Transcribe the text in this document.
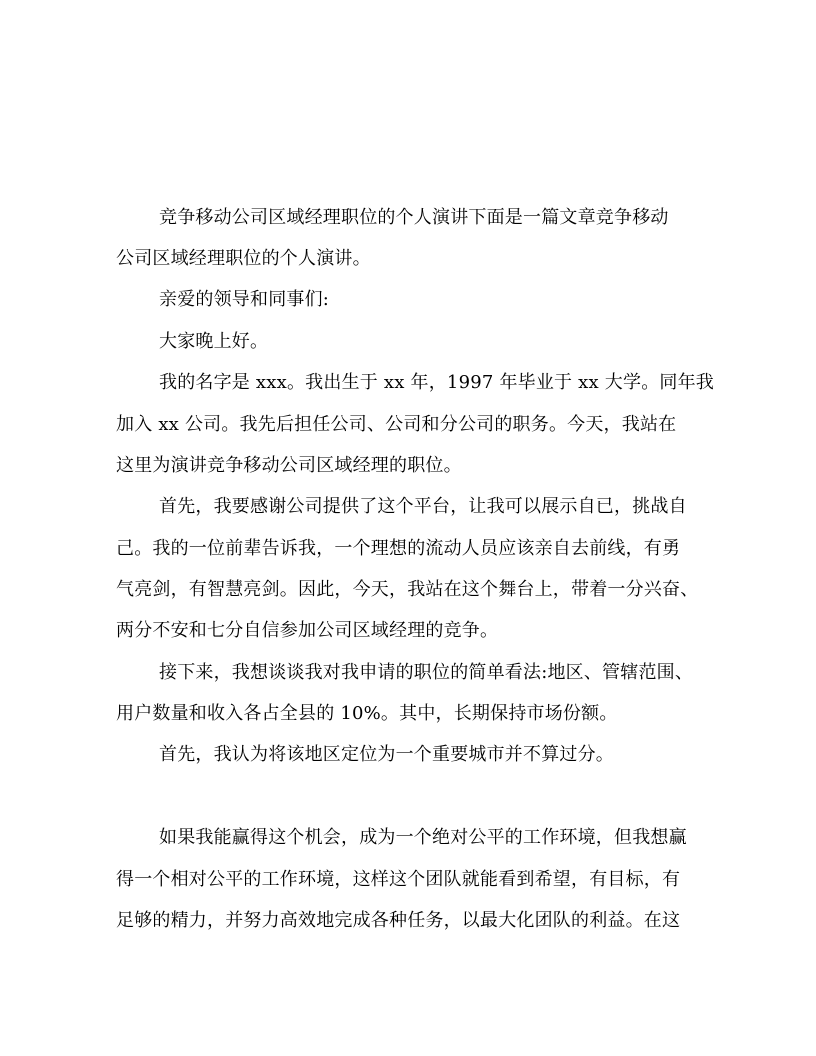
竞争移动公司区域经理职位的个人演讲下面是一篇文章竞争移动
公司区域经理职位的个人演讲。
亲爱的领导和同事们:
大家晚上好。
我的名字是 xxx。我出生于 xx 年，1997 年毕业于 xx 大学。同年我
加入 xx 公司。我先后担任公司、公司和分公司的职务。今天，我站在
这里为演讲竞争移动公司区域经理的职位。
首先，我要感谢公司提供了这个平台，让我可以展示自已，挑战自
己。我的一位前辈告诉我，一个理想的流动人员应该亲自去前线，有勇
气亮剑，有智慧亮剑。因此，今天，我站在这个舞台上，带着一分兴奋、
两分不安和七分自信参加公司区域经理的竞争。
接下来，我想谈谈我对我申请的职位的简单看法:地区、管辖范围、
用户数量和收入各占全县的 10%。其中，长期保持市场份额。
首先，我认为将该地区定位为一个重要城市并不算过分。
如果我能赢得这个机会，成为一个绝对公平的工作环境，但我想赢
得一个相对公平的工作环境，这样这个团队就能看到希望，有目标，有
足够的精力，并努力高效地完成各种任务，以最大化团队的利益。在这
